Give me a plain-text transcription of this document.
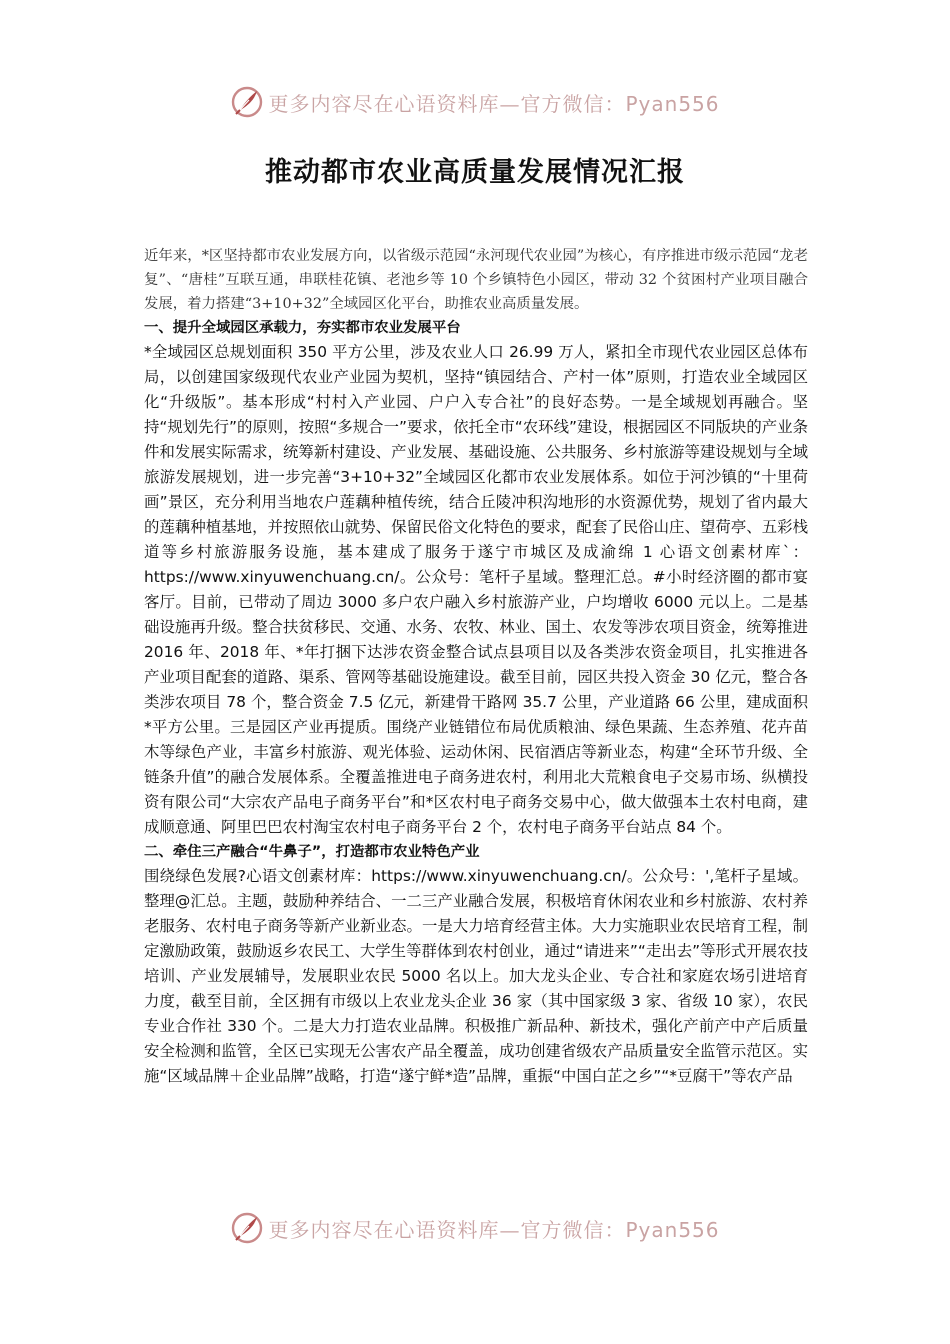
更多内容尽在心语资料库—官方微信：Pyan556
推动都市农业高质量发展情况汇报

近年来，*区坚持都市农业发展方向，以省级示范园“永河现代农业园”为核心，有序推进市级示范园“龙老复”、“唐桂”互联互通，串联桂花镇、老池乡等 10 个乡镇特色小园区，带动 32 个贫困村产业项目融合发展，着力搭建“3+10+32”全域园区化平台，助推农业高质量发展。

一、提升全域园区承载力，夯实都市农业发展平台

*全域园区总规划面积 350 平方公里，涉及农业人口 26.99 万人，紧扣全市现代农业园区总体布局，以创建国家级现代农业产业园为契机，坚持“镇园结合、产村一体”原则，打造农业全域园区化“升级版”。基本形成“村村入产业园、户户入专合社”的良好态势。一是全域规划再融合。坚持“规划先行”的原则，按照“多规合一”要求，依托全市“农环线”建设，根据园区不同版块的产业条件和发展实际需求，统筹新村建设、产业发展、基础设施、公共服务、乡村旅游等建设规划与全域旅游发展规划，进一步完善“3+10+32”全域园区化都市农业发展体系。如位于河沙镇的“十里荷画”景区，充分利用当地农户莲藕种植传统，结合丘陵冲积沟地形的水资源优势，规划了省内最大的莲藕种植基地，并按照依山就势、保留民俗文化特色的要求，配套了民俗山庄、望荷亭、五彩栈道等乡村旅游服务设施，基本建成了服务于遂宁市城区及成渝绵 1 心语文创素材库`：https://www.xinyuwenchuang.cn/。公众号：笔杆子星域。整理汇总。#小时经济圈的都市宴客厅。目前，已带动了周边 3000 多户农户融入乡村旅游产业，户均增收 6000 元以上。二是基础设施再升级。整合扶贫移民、交通、水务、农牧、林业、国土、农发等涉农项目资金，统筹推进 2016 年、2018 年、*年打捆下达涉农资金整合试点县项目以及各类涉农资金项目，扎实推进各产业项目配套的道路、渠系、管网等基础设施建设。截至目前，园区共投入资金 30 亿元，整合各类涉农项目 78 个，整合资金 7.5 亿元，新建骨干路网 35.7 公里，产业道路 66 公里，建成面积*平方公里。三是园区产业再提质。围绕产业链错位布局优质粮油、绿色果蔬、生态养殖、花卉苗木等绿色产业，丰富乡村旅游、观光体验、运动休闲、民宿酒店等新业态，构建“全环节升级、全链条升值”的融合发展体系。全覆盖推进电子商务进农村，利用北大荒粮食电子交易市场、纵横投资有限公司“大宗农产品电子商务平台”和*区农村电子商务交易中心，做大做强本土农村电商，建成顺意通、阿里巴巴农村淘宝农村电子商务平台 2 个，农村电子商务平台站点 84 个。

二、牵住三产融合“牛鼻子”，打造都市农业特色产业

围绕绿色发展?心语文创素材库：https://www.xinyuwenchuang.cn/。公众号：',笔杆子星域。整理@汇总。主题，鼓励种养结合、一二三产业融合发展，积极培育休闲农业和乡村旅游、农村养老服务、农村电子商务等新产业新业态。一是大力培育经营主体。大力实施职业农民培育工程，制定激励政策，鼓励返乡农民工、大学生等群体到农村创业，通过“请进来”“走出去”等形式开展农技培训、产业发展辅导，发展职业农民 5000 名以上。加大龙头企业、专合社和家庭农场引进培育力度，截至目前，全区拥有市级以上农业龙头企业 36 家（其中国家级 3 家、省级 10 家），农民专业合作社 330 个。二是大力打造农业品牌。积极推广新品种、新技术，强化产前产中产后质量安全检测和监管，全区已实现无公害农产品全覆盖，成功创建省级农产品质量安全监管示范区。实施“区域品牌＋企业品牌”战略，打造“遂宁鲜*造”品牌，重振“中国白芷之乡”“*豆腐干”等农产品

更多内容尽在心语资料库—官方微信：Pyan556
